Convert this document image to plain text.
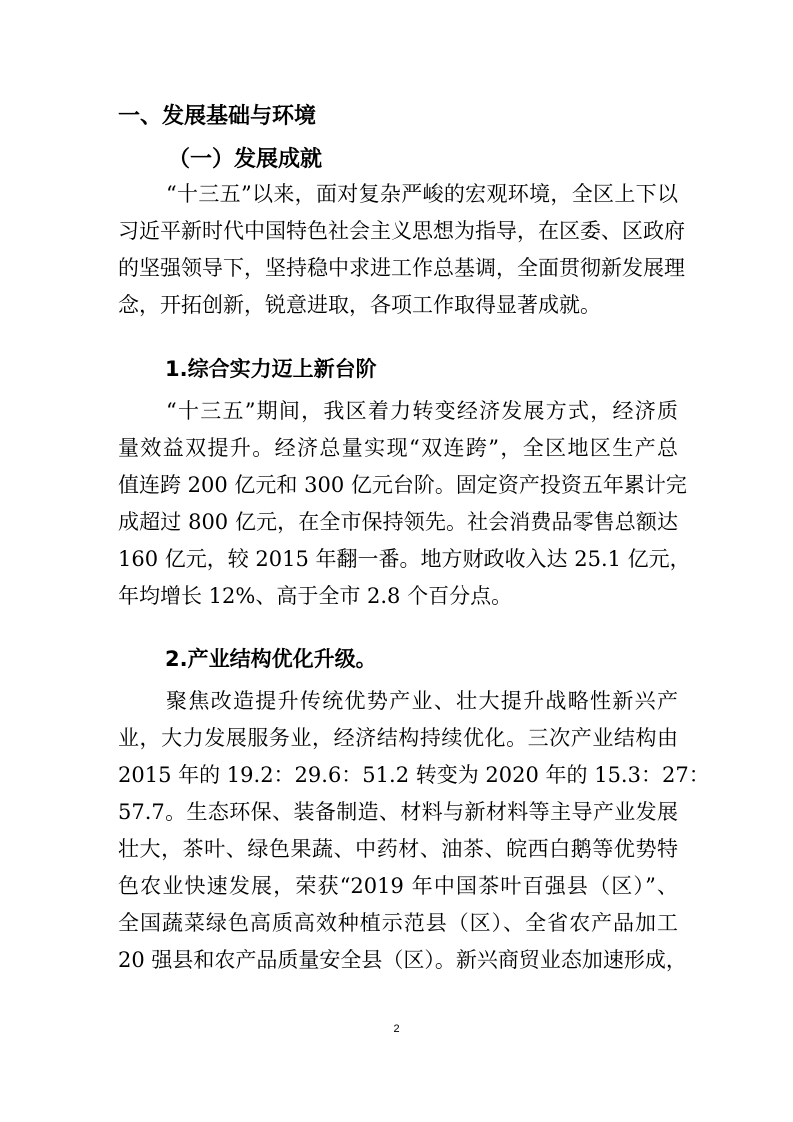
一、发展基础与环境
（一）发展成就
“十三五”以来，面对复杂严峻的宏观环境，全区上下以
习近平新时代中国特色社会主义思想为指导，在区委、区政府
的坚强领导下，坚持稳中求进工作总基调，全面贯彻新发展理
念，开拓创新，锐意进取，各项工作取得显著成就。
1.综合实力迈上新台阶
“十三五”期间，我区着力转变经济发展方式，经济质
量效益双提升。经济总量实现“双连跨”，全区地区生产总
值连跨 200 亿元和 300 亿元台阶。固定资产投资五年累计完
成超过 800 亿元，在全市保持领先。社会消费品零售总额达
160 亿元，较 2015 年翻一番。地方财政收入达 25.1 亿元，
年均增长 12%、高于全市 2.8 个百分点。
2.产业结构优化升级。
聚焦改造提升传统优势产业、壮大提升战略性新兴产
业，大力发展服务业，经济结构持续优化。三次产业结构由
2015 年的 19.2：29.6：51.2 转变为 2020 年的 15.3：27：
57.7。生态环保、装备制造、材料与新材料等主导产业发展
壮大，茶叶、绿色果蔬、中药材、油茶、皖西白鹅等优势特
色农业快速发展，荣获“2019 年中国茶叶百强县（区）”、
全国蔬菜绿色高质高效种植示范县（区）、全省农产品加工
20 强县和农产品质量安全县（区）。新兴商贸业态加速形成，
2
